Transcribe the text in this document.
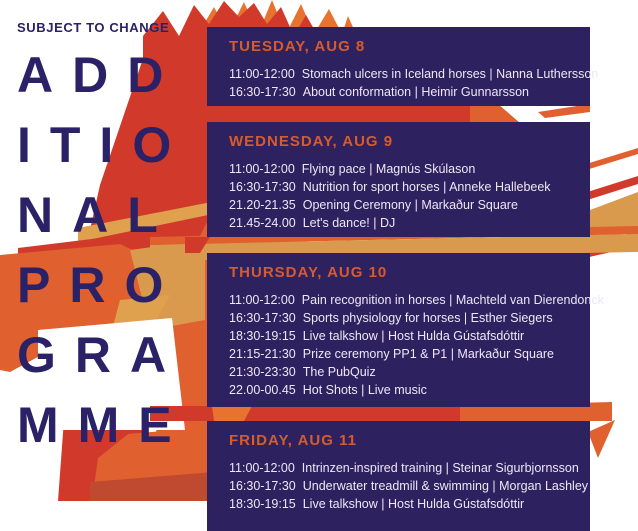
SUBJECT TO CHANGE
ADD
ITIO
NAL
PRO
GRA
MME
TUESDAY, AUG 8
11:00-12:00 Stomach ulcers in Iceland horses | Nanna Luthersson
16:30-17:30 About conformation | Heimir Gunnarsson
WEDNESDAY, AUG 9
11:00-12:00 Flying pace | Magnús Skúlason
16:30-17:30 Nutrition for sport horses | Anneke Hallebeek
21.20-21.35 Opening Ceremony | Markaður Square
21.45-24.00 Let's dance! | DJ
THURSDAY, AUG 10
11:00-12:00 Pain recognition in horses | Machteld van Dierendonck
16:30-17:30 Sports physiology for horses | Esther Siegers
18:30-19:15 Live talkshow | Host Hulda Gústafsdóttir
21:15-21:30 Prize ceremony PP1 & P1 | Markaður Square
21:30-23:30 The PubQuiz
22.00-00.45 Hot Shots | Live music
FRIDAY, AUG 11
11:00-12:00 Intrinzen-inspired training | Steinar Sigurbjornsson
16:30-17:30 Underwater treadmill & swimming | Morgan Lashley
18:30-19:15 Live talkshow | Host Hulda Gústafsdóttir
